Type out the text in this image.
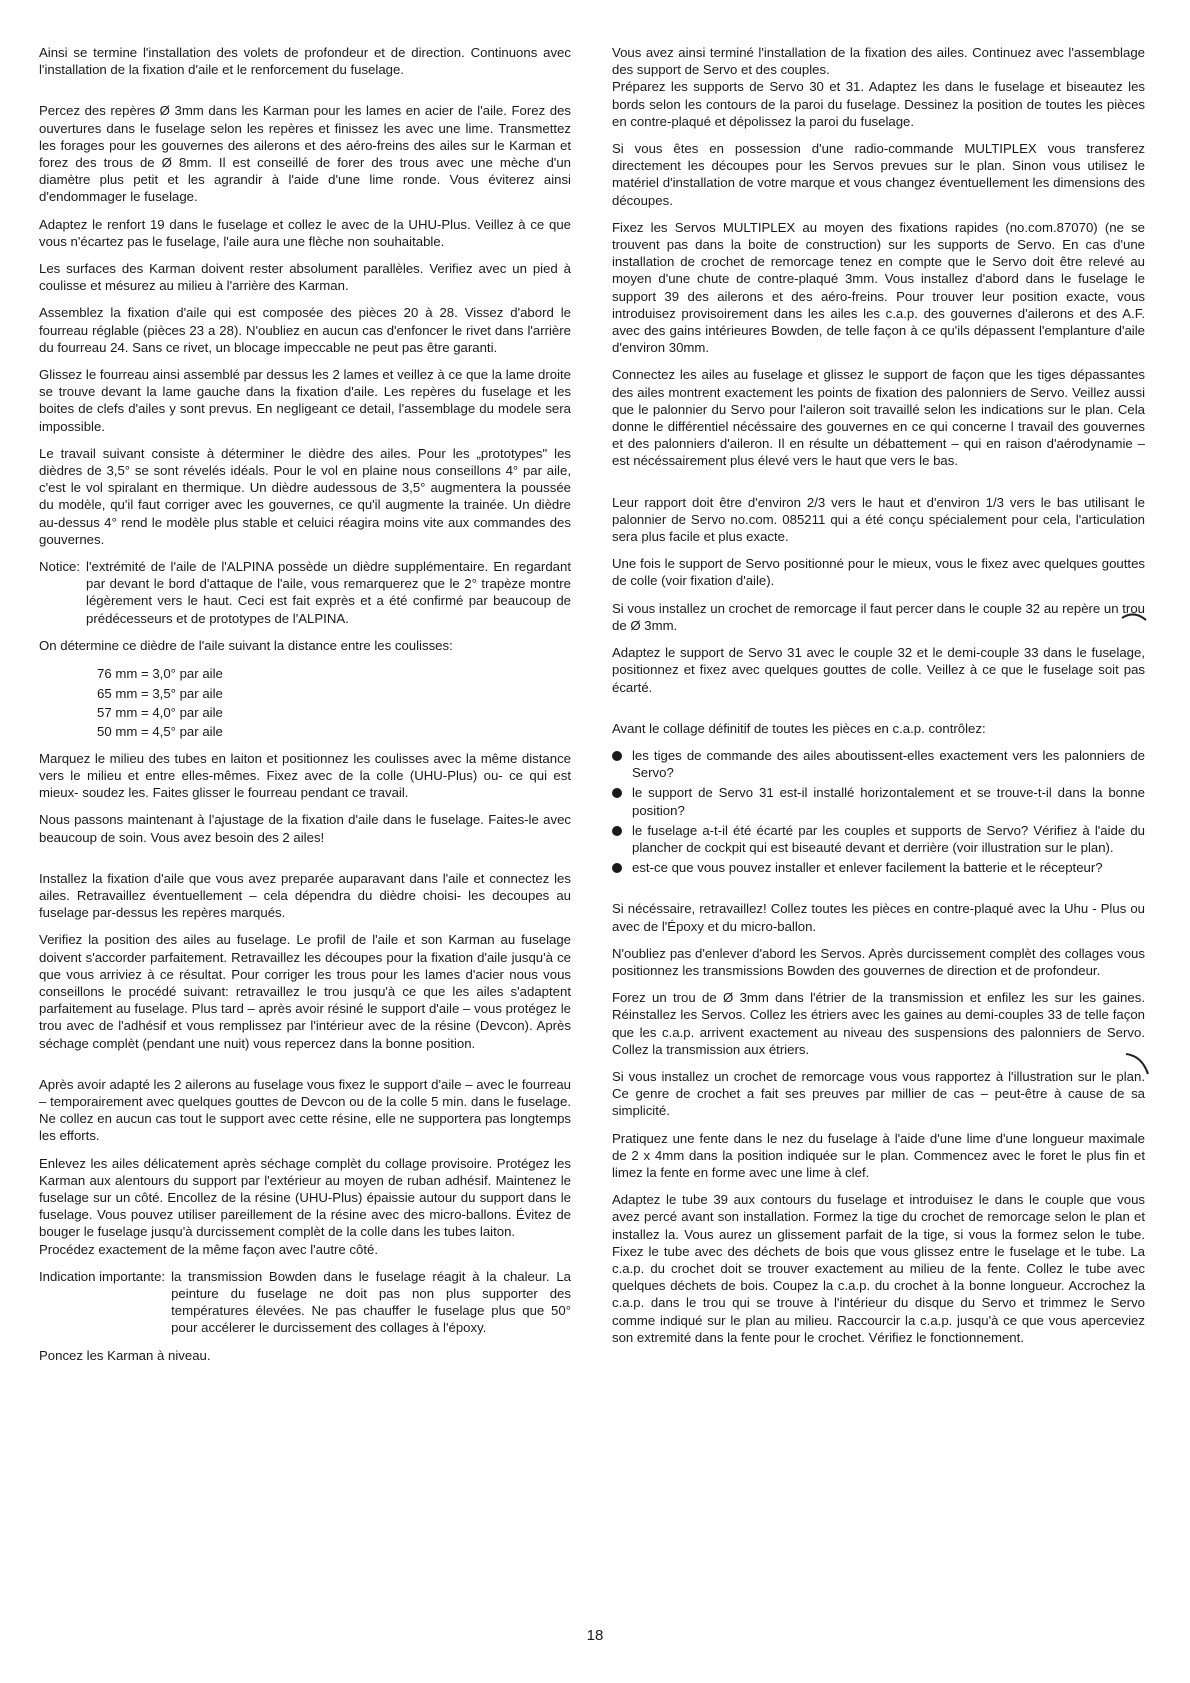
Ainsi se termine l'installation des volets de profondeur et de direction. Continuons avec l'installation de la fixation d'aile et le renforcement du fuselage.

Percez des repères Ø 3mm dans les Karman pour les lames en acier de l'aile. Forez des ouvertures dans le fuselage selon les repères et finissez les avec une lime. Transmettez les forages pour les gouvernes des ailerons et des aéro-freins des ailes sur le Karman et forez des trous de Ø 8mm. Il est conseillé de forer des trous avec une mèche d'un diamètre plus petit et les agrandir à l'aide d'une lime ronde. Vous éviterez ainsi d'endommager le fuselage.

Adaptez le renfort 19 dans le fuselage et collez le avec de la UHU-Plus. Veillez à ce que vous n'écartez pas le fuselage, l'aile aura une flèche non souhaitable.

Les surfaces des Karman doivent rester absolument parallèles. Verifiez avec un pied à coulisse et mésurez au milieu à l'arrière des Karman.

Assemblez la fixation d'aile qui est composée des pièces 20 à 28. Vissez d'abord le fourreau réglable (pièces 23 a 28). N'oubliez en aucun cas d'enfoncer le rivet dans l'arrière du fourreau 24. Sans ce rivet, un blocage impeccable ne peut pas être garanti.

Glissez le fourreau ainsi assemblé par dessus les 2 lames et veillez à ce que la lame droite se trouve devant la lame gauche dans la fixation d'aile. Les repères du fuselage et les boites de clefs d'ailes y sont prevus. En negligeant ce detail, l'assemblage du modele sera impossible.

Le travail suivant consiste à déterminer le dièdre des ailes. Pour les „prototypes" les dièdres de 3,5° se sont révelés idéals. Pour le vol en plaine nous conseillons 4° par aile, c'est le vol spiralant en thermique. Un dièdre audessous de 3,5° augmentera la poussée du modèle, qu'il faut corriger avec les gouvernes, ce qu'il augmente la trainée. Un dièdre au-dessus 4° rend le modèle plus stable et celuici réagira moins vite aux commandes des gouvernes.

Notice: l'extrémité de l'aile de l'ALPINA possède un dièdre supplémentaire. En regardant par devant le bord d'attaque de l'aile, vous remarquerez que le 2° trapèze montre légèrement vers le haut. Ceci est fait exprès et a été confirmé par beaucoup de prédécesseurs et de prototypes de l'ALPINA.

On détermine ce dièdre de l'aile suivant la distance entre les coulisses:

76 mm = 3,0° par aile
65 mm = 3,5° par aile
57 mm = 4,0° par aile
50 mm = 4,5° par aile

Marquez le milieu des tubes en laiton et positionnez les coulisses avec la même distance vers le milieu et entre elles-mêmes. Fixez avec de la colle (UHU-Plus) ou- ce qui est mieux- soudez les. Faites glisser le fourreau pendant ce travail.

Nous passons maintenant à l'ajustage de la fixation d'aile dans le fuselage. Faites-le avec beaucoup de soin. Vous avez besoin des 2 ailes!

Installez la fixation d'aile que vous avez preparée auparavant dans l'aile et connectez les ailes. Retravaillez éventuellement – cela dépendra du dièdre choisi- les decoupes au fuselage par-dessus les repères marqués.

Verifiez la position des ailes au fuselage. Le profil de l'aile et son Karman au fuselage doivent s'accorder parfaitement. Retravaillez les découpes pour la fixation d'aile jusqu'à ce que vous arriviez à ce résultat. Pour corriger les trous pour les lames d'acier nous vous conseillons le procédé suivant: retravaillez le trou jusqu'à ce que les ailes s'adaptent parfaitement au fuselage. Plus tard – après avoir résiné le support d'aile – vous protégez le trou avec de l'adhésif et vous remplissez par l'intérieur avec de la résine (Devcon). Après séchage complèt (pendant une nuit) vous repercez dans la bonne position.

Après avoir adapté les 2 ailerons au fuselage vous fixez le support d'aile – avec le fourreau – temporairement avec quelques gouttes de Devcon ou de la colle 5 min. dans le fuselage. Ne collez en aucun cas tout le support avec cette résine, elle ne supportera pas longtemps les efforts.

Enlevez les ailes délicatement après séchage complèt du collage provisoire. Protégez les Karman aux alentours du support par l'extérieur au moyen de ruban adhésif. Maintenez le fuselage sur un côté. Encollez de la résine (UHU-Plus) épaissie autour du support dans le fuselage. Vous pouvez utiliser pareillement de la résine avec des micro-ballons. Évitez de bouger le fuselage jusqu'à durcissement complèt de la colle dans les tubes laiton.

Procédez exactement de la même façon avec l'autre côté.

Indication importante: la transmission Bowden dans le fuselage réagit à la chaleur. La peinture du fuselage ne doit pas non plus supporter des températures élevées. Ne pas chauffer le fuselage plus que 50° pour accélerer le durcissement des collages à l'époxy.

Poncez les Karman à niveau.

Vous avez ainsi terminé l'installation de la fixation des ailes. Continuez avec l'assemblage des support de Servo et des couples.

Préparez les supports de Servo 30 et 31. Adaptez les dans le fuselage et biseautez les bords selon les contours de la paroi du fuselage. Dessinez la position de toutes les pièces en contre-plaqué et dépolissez la paroi du fuselage.

Si vous êtes en possession d'une radio-commande MULTIPLEX vous transferez directement les découpes pour les Servos prevues sur le plan. Sinon vous utilisez le matériel d'installation de votre marque et vous changez éventuellement les dimensions des découpes.

Fixez les Servos MULTIPLEX au moyen des fixations rapides (no.com.87070) (ne se trouvent pas dans la boite de construction) sur les supports de Servo. En cas d'une installation de crochet de remorcage tenez en compte que le Servo doit être relevé au moyen d'une chute de contre-plaqué 3mm. Vous installez d'abord dans le fuselage le support 39 des ailerons et des aéro-freins. Pour trouver leur position exacte, vous introduisez provisoirement dans les ailes les c.a.p. des gouvernes d'ailerons et des A.F. avec des gains intérieures Bowden, de telle façon à ce qu'ils dépassent l'emplanture d'aile d'environ 30mm.

Connectez les ailes au fuselage et glissez le support de façon que les tiges dépassantes des ailes montrent exactement les points de fixation des palonniers de Servo. Veillez aussi que le palonnier du Servo pour l'aileron soit travaillé selon les indications sur le plan. Cela donne le différentiel nécéssaire des gouvernes en ce qui concerne l travail des gouvernes et des palonniers d'aileron. Il en résulte un débattement – qui en raison d'aérodynamie – est nécéssairement plus élevé vers le haut que vers le bas.

Leur rapport doit être d'environ 2/3 vers le haut et d'environ 1/3 vers le bas utilisant le palonnier de Servo no.com. 085211 qui a été conçu spécialement pour cela, l'articulation sera plus facile et plus exacte.

Une fois le support de Servo positionné pour le mieux, vous le fixez avec quelques gouttes de colle (voir fixation d'aile).

Si vous installez un crochet de remorcage il faut percer dans le couple 32 au repère un trou de Ø 3mm.

Adaptez le support de Servo 31 avec le couple 32 et le demi-couple 33 dans le fuselage, positionnez et fixez avec quelques gouttes de colle. Veillez à ce que le fuselage soit pas écarté.

Avant le collage définitif de toutes les pièces en c.a.p. contrôlez:

les tiges de commande des ailes aboutissent-elles exactement vers les palonniers de Servo?
le support de Servo 31 est-il installé horizontalement et se trouve-t-il dans la bonne position?
le fuselage a-t-il été écarté par les couples et supports de Servo? Vérifiez à l'aide du plancher de cockpit qui est biseauté devant et derrière (voir illustration sur le plan).
est-ce que vous pouvez installer et enlever facilement la batterie et le récepteur?

Si nécéssaire, retravaillez! Collez toutes les pièces en contre-plaqué avec la Uhu - Plus ou avec de l'Époxy et du micro-ballon.

N'oubliez pas d'enlever d'abord les Servos. Après durcissement complèt des collages vous positionnez les transmissions Bowden des gouvernes de direction et de profondeur.

Forez un trou de Ø 3mm dans l'étrier de la transmission et enfilez les sur les gaines. Réinstallez les Servos. Collez les étriers avec les gaines au demi-couples 33 de telle façon que les c.a.p. arrivent exactement au niveau des suspensions des palonniers de Servo. Collez la transmission aux étriers.

Si vous installez un crochet de remorcage vous vous rapportez à l'illustration sur le plan. Ce genre de crochet a fait ses preuves par millier de cas – peut-être à cause de sa simplicité.

Pratiquez une fente dans le nez du fuselage à l'aide d'une lime d'une longueur maximale de 2 x 4mm dans la position indiquée sur le plan. Commencez avec le foret le plus fin et limez la fente en forme avec une lime à clef.

Adaptez le tube 39 aux contours du fuselage et introduisez le dans le couple que vous avez percé avant son installation. Formez la tige du crochet de remorcage selon le plan et installez la. Vous aurez un glissement parfait de la tige, si vous la formez selon le tube. Fixez le tube avec des déchets de bois que vous glissez entre le fuselage et le tube. La c.a.p. du crochet doit se trouver exactement au milieu de la fente. Collez le tube avec quelques déchets de bois. Coupez la c.a.p. du crochet à la bonne longueur. Accrochez la c.a.p. dans le trou qui se trouve à l'intérieur du disque du Servo et trimmez le Servo comme indiqué sur le plan au milieu. Raccourcir la c.a.p. jusqu'à ce que vous aperceviez son extremité dans la fente pour le crochet. Vérifiez le fonctionnement.

18
